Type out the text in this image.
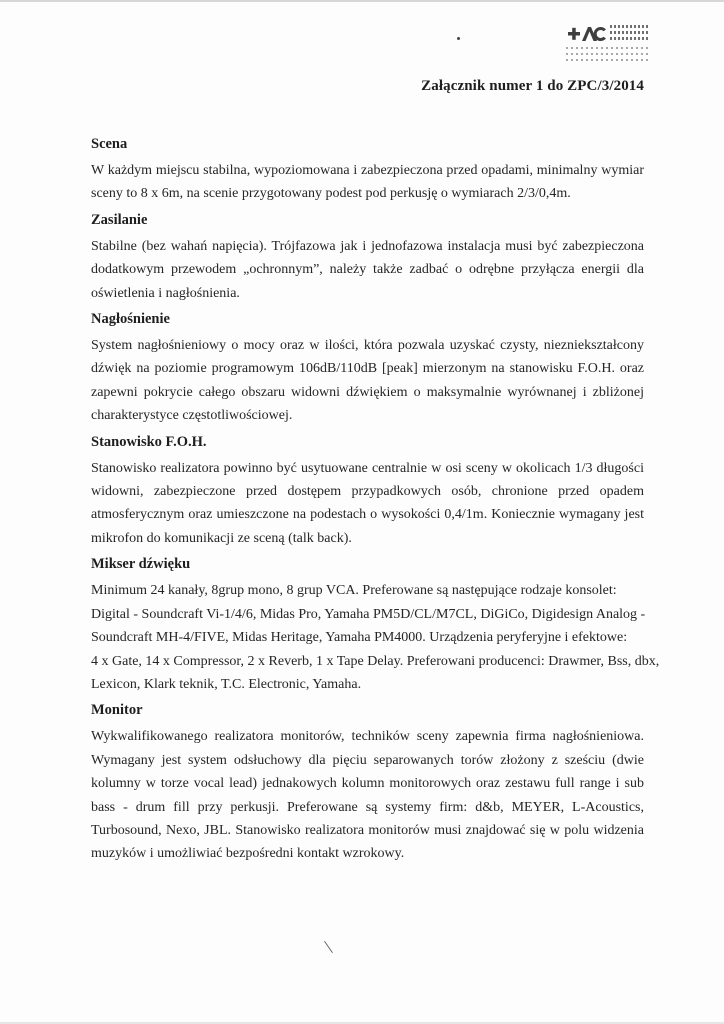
Załącznik numer 1 do ZPC/3/2014
Scena

W każdym miejscu stabilna, wypoziomowana i zabezpieczona przed opadami, minimalny wymiar sceny to 8 x 6m, na scenie przygotowany podest pod perkusję o wymiarach 2/3/0,4m.

Zasilanie

Stabilne (bez wahań napięcia). Trójfazowa jak i jednofazowa instalacja musi być zabezpieczona dodatkowym przewodem „ochronnym”, należy także zadbać o odrębne przyłącza energii dla oświetlenia i nagłośnienia.

Nagłośnienie

System nagłośnieniowy o mocy oraz w ilości, która pozwala uzyskać czysty, niezniekształcony dźwięk na poziomie programowym 106dB/110dB [peak] mierzonym na stanowisku F.O.H. oraz zapewni pokrycie całego obszaru widowni dźwiękiem o maksymalnie wyrównanej i zbliżonej charakterystyce częstotliwościowej.

Stanowisko F.O.H.

Stanowisko realizatora powinno być usytuowane centralnie w osi sceny w okolicach 1/3 długości widowni, zabezpieczone przed dostępem przypadkowych osób, chronione przed opadem atmosferycznym oraz umieszczone na podestach o wysokości 0,4/1m. Koniecznie wymagany jest mikrofon do komunikacji ze sceną (talk back).

Mikser dźwięku

Minimum 24 kanały, 8grup mono, 8 grup VCA. Preferowane są następujące rodzaje konsolet:

Digital - Soundcraft Vi-1/4/6, Midas Pro, Yamaha PM5D/CL/M7CL, DiGiCo, Digidesign Analog -

Soundcraft MH-4/FIVE, Midas Heritage, Yamaha PM4000. Urządzenia peryferyjne i efektowe:

4 x Gate, 14 x Compressor, 2 x Reverb, 1 x Tape Delay. Preferowani producenci: Drawmer, Bss, dbx,

Lexicon, Klark teknik, T.C. Electronic, Yamaha.

Monitor

Wykwalifikowanego realizatora monitorów, techników sceny zapewnia firma nagłośnieniowa. Wymagany jest system odsłuchowy dla pięciu separowanych torów złożony z sześciu (dwie kolumny w torze vocal lead) jednakowych kolumn monitorowych oraz zestawu full range i sub bass - drum fill przy perkusji. Preferowane są systemy firm: d&b, MEYER, L-Acoustics, Turbosound, Nexo, JBL. Stanowisko realizatora monitorów musi znajdować się w polu widzenia muzyków i umożliwiać bezpośredni kontakt wzrokowy.
